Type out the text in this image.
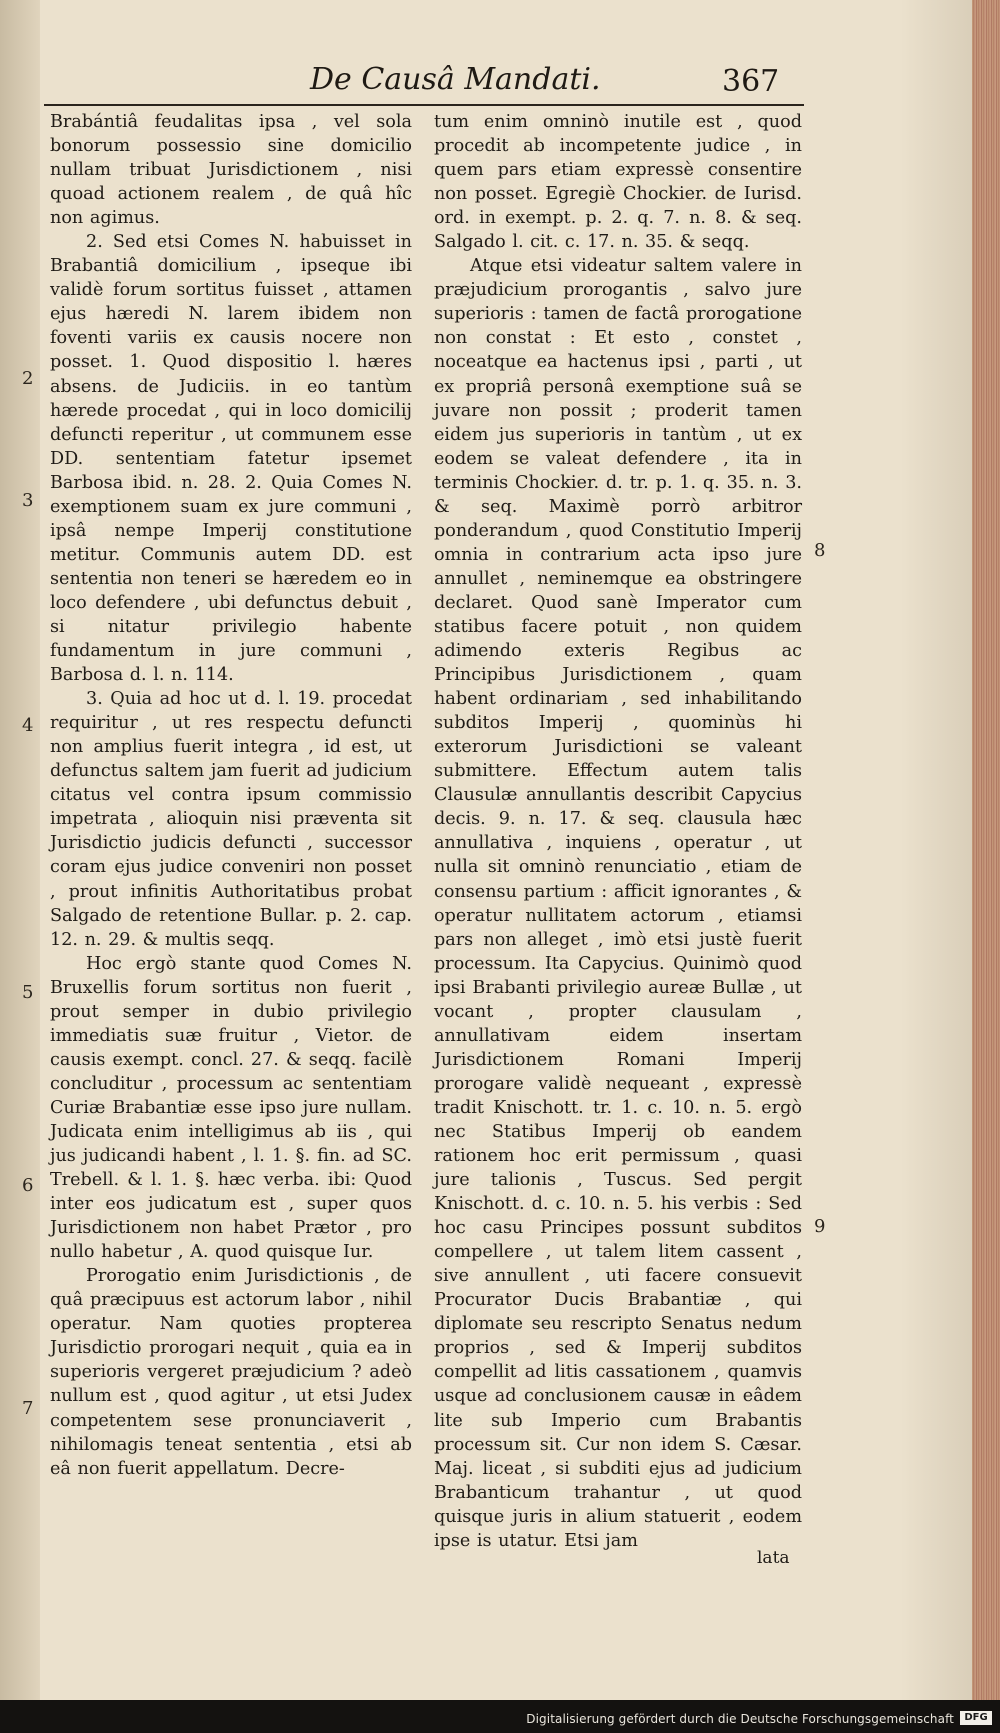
De Causâ Mandati.	367

Brabántiâ feudalitas ipsa , vel sola bonorum possessio sine domicilio nullam tribuat Jurisdictionem , nisi quoad actionem realem , de quâ hîc non agimus.

2. Sed etsi Comes N. habuisset in Brabantiâ domicilium , ipseque ibi validè forum sortitus fuisset , attamen ejus hæredi N. larem ibidem non foventi variis ex causis nocere non posset. 1. Quod dispositio l. hæres absens. de Judiciis. in eo tantùm hærede procedat , qui in loco domicilij defuncti reperitur , ut communem esse DD. sententiam fatetur ipsemet Barbosa ibid. n. 28. 2. Quia Comes N. exemptionem suam ex jure communi , ipsâ nempe Imperij constitutione metitur. Communis autem DD. est sententia non teneri se hæredem eo in loco defendere , ubi defunctus debuit , si nitatur privilegio habente fundamentum in jure communi , Barbosa d. l. n. 114.

3. Quia ad hoc ut d. l. 19. procedat requiritur , ut res respectu defuncti non amplius fuerit integra , id est, ut defunctus saltem jam fuerit ad judicium citatus vel contra ipsum commissio impetrata , alioquin nisi præventa sit Jurisdictio judicis defuncti , successor coram ejus judice conveniri non posset , prout infinitis Authoritatibus probat Salgado de retentione Bullar. p. 2. cap. 12. n. 29. & multis seqq.

Hoc ergò stante quod Comes N. Bruxellis forum sortitus non fuerit , prout semper in dubio privilegio immediatis suæ fruitur , Vietor. de causis exempt. concl. 27. & seqq. facilè concluditur , processum ac sententiam Curiæ Brabantiæ esse ipso jure nullam. Judicata enim intelligimus ab iis , qui jus judicandi habent , l. 1. §. fin. ad SC. Trebell. & l. 1. §. hæc verba. ibi: Quod inter eos judicatum est , super quos Jurisdictionem non habet Prætor , pro nullo habetur , A. quod quisque Iur.

Prorogatio enim Jurisdictionis , de quâ præcipuus est actorum labor , nihil operatur. Nam quoties propterea Jurisdictio prorogari nequit , quia ea in superioris vergeret præjudicium ? adeò nullum est , quod agitur , ut etsi Judex competentem sese pronunciaverit , nihilomagis teneat sententia , etsi ab eâ non fuerit appellatum. Decre-

tum enim omninò inutile est , quod procedit ab incompetente judice , in quem pars etiam expressè consentire non posset. Egregiè Chockier. de Iurisd. ord. in exempt. p. 2. q. 7. n. 8. & seq. Salgado l. cit. c. 17. n. 35. & seqq.

Atque etsi videatur saltem valere in præjudicium prorogantis , salvo jure superioris : tamen de factâ prorogatione non constat : Et esto , constet , noceatque ea hactenus ipsi , parti , ut ex propriâ personâ exemptione suâ se juvare non possit ; proderit tamen eidem jus superioris in tantùm , ut ex eodem se valeat defendere , ita in terminis Chockier. d. tr. p. 1. q. 35. n. 3. & seq. Maximè porrò arbitror ponderandum , quod Constitutio Imperij omnia in contrarium acta ipso jure annullet , neminemque ea obstringere declaret. Quod sanè Imperator cum statibus facere potuit , non quidem adimendo exteris Regibus ac Principibus Jurisdictionem , quam habent ordinariam , sed inhabilitando subditos Imperij , quominùs hi exterorum Jurisdictioni se valeant submittere. Effectum autem talis Clausulæ annullantis describit Capycius decis. 9. n. 17. & seq. clausula hæc annullativa , inquiens , operatur , ut nulla sit omninò renunciatio , etiam de consensu partium : afficit ignorantes , & operatur nullitatem actorum , etiamsi pars non alleget , imò etsi justè fuerit processum. Ita Capycius. Quinimò quod ipsi Brabanti privilegio aureæ Bullæ , ut vocant , propter clausulam , annullativam eidem insertam Jurisdictionem Romani Imperij prorogare validè nequeant , expressè tradit Knischott. tr. 1. c. 10. n. 5. ergò nec Statibus Imperij ob eandem rationem hoc erit permissum , quasi jure talionis , Tuscus. Sed pergit Knischott. d. c. 10. n. 5. his verbis : Sed hoc casu Principes possunt subditos compellere , ut talem litem cassent , sive annullent , uti facere consuevit Procurator Ducis Brabantiæ , qui diplomate seu rescripto Senatus nedum proprios , sed & Imperij subditos compellit ad litis cassationem , quamvis usque ad conclusionem causæ in eâdem lite sub Imperio cum Brabantis processum sit. Cur non idem S. Cæsar. Maj. liceat , si subditi ejus ad judicium Brabanticum trahantur , ut quod quisque juris in alium statuerit , eodem ipse is utatur. Etsi jam

lata
2
3
4
5
6
7
8
9
Digitalisierung gefördert durch die Deutsche Forschungsgemeinschaft	DFG
